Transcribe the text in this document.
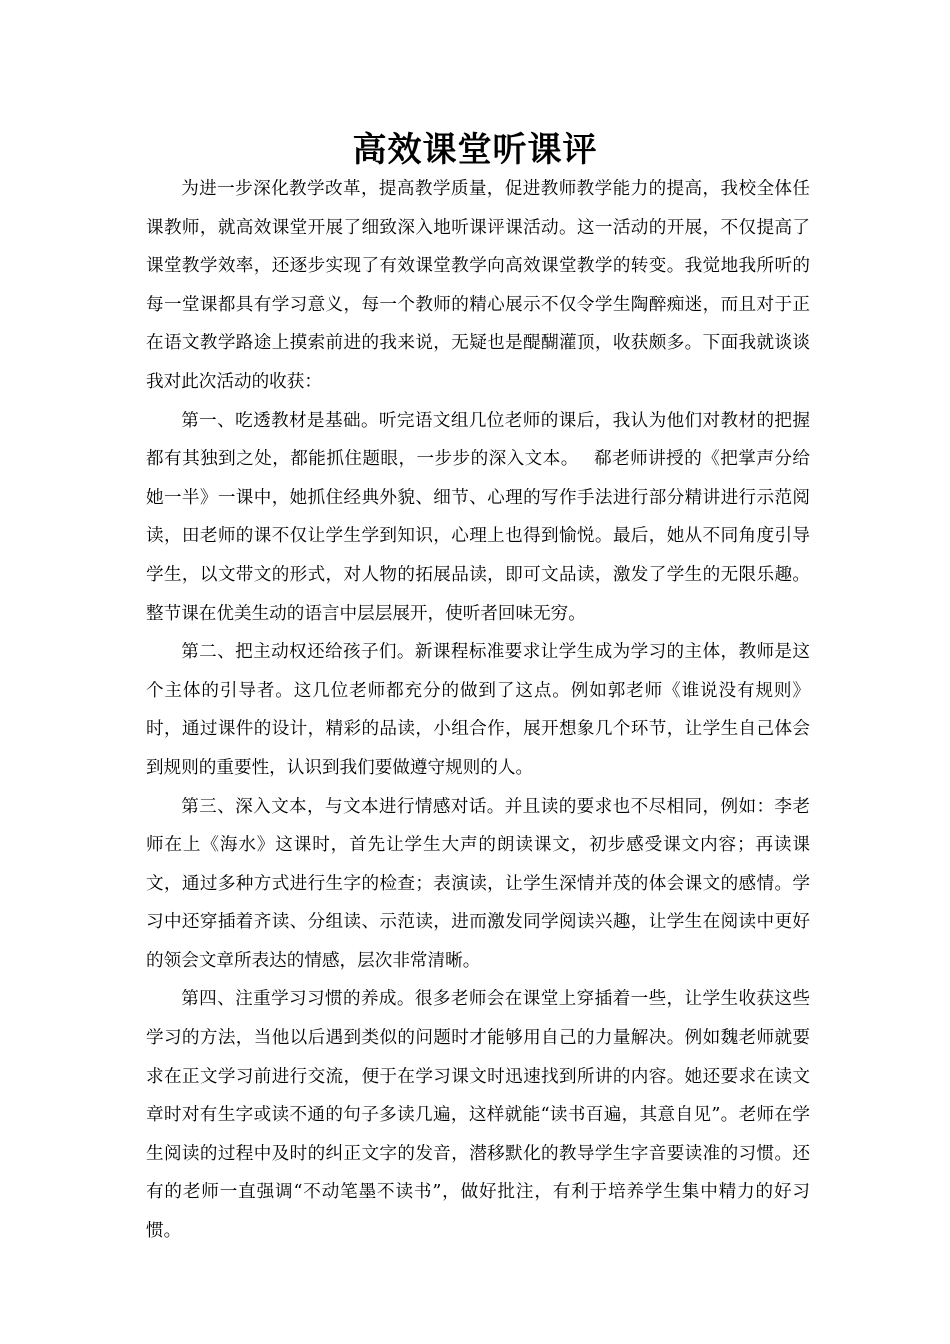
高效课堂听课评

为进一步深化教学改革，提高教学质量，促进教师教学能力的提高，我校全体任课教师，就高效课堂开展了细致深入地听课评课活动。这一活动的开展，不仅提高了课堂教学效率，还逐步实现了有效课堂教学向高效课堂教学的转变。我觉地我所听的每一堂课都具有学习意义，每一个教师的精心展示不仅令学生陶醉痴迷，而且对于正在语文教学路途上摸索前进的我来说，无疑也是醍醐灌顶，收获颇多。下面我就谈谈我对此次活动的收获：

第一、吃透教材是基础。听完语文组几位老师的课后，我认为他们对教材的把握都有其独到之处，都能抓住题眼，一步步的深入文本。　 郗老师讲授的《把掌声分给她一半》一课中，她抓住经典外貌、细节、心理的写作手法进行部分精讲进行示范阅读，田老师的课不仅让学生学到知识，心理上也得到愉悦。最后，她从不同角度引导学生，以文带文的形式，对人物的拓展品读，即可文品读，激发了学生的无限乐趣。整节课在优美生动的语言中层层展开，使听者回味无穷。

第二、把主动权还给孩子们。新课程标准要求让学生成为学习的主体，教师是这个主体的引导者。这几位老师都充分的做到了这点。例如郭老师《谁说没有规则》时，通过课件的设计，精彩的品读，小组合作，展开想象几个环节，让学生自己体会到规则的重要性，认识到我们要做遵守规则的人。

第三、深入文本，与文本进行情感对话。并且读的要求也不尽相同，例如：李老师在上《海水》这课时，首先让学生大声的朗读课文，初步感受课文内容；再读课文，通过多种方式进行生字的检查；表演读，让学生深情并茂的体会课文的感情。学习中还穿插着齐读、分组读、示范读，进而激发同学阅读兴趣，让学生在阅读中更好的领会文章所表达的情感，层次非常清晰。

第四、注重学习习惯的养成。很多老师会在课堂上穿插着一些，让学生收获这些学习的方法，当他以后遇到类似的问题时才能够用自己的力量解决。例如魏老师就要求在正文学习前进行交流，便于在学习课文时迅速找到所讲的内容。她还要求在读文章时对有生字或读不通的句子多读几遍，这样就能“读书百遍，其意自见”。老师在学生阅读的过程中及时的纠正文字的发音，潜移默化的教导学生字音要读准的习惯。还有的老师一直强调“不动笔墨不读书”，做好批注，有利于培养学生集中精力的好习惯。
